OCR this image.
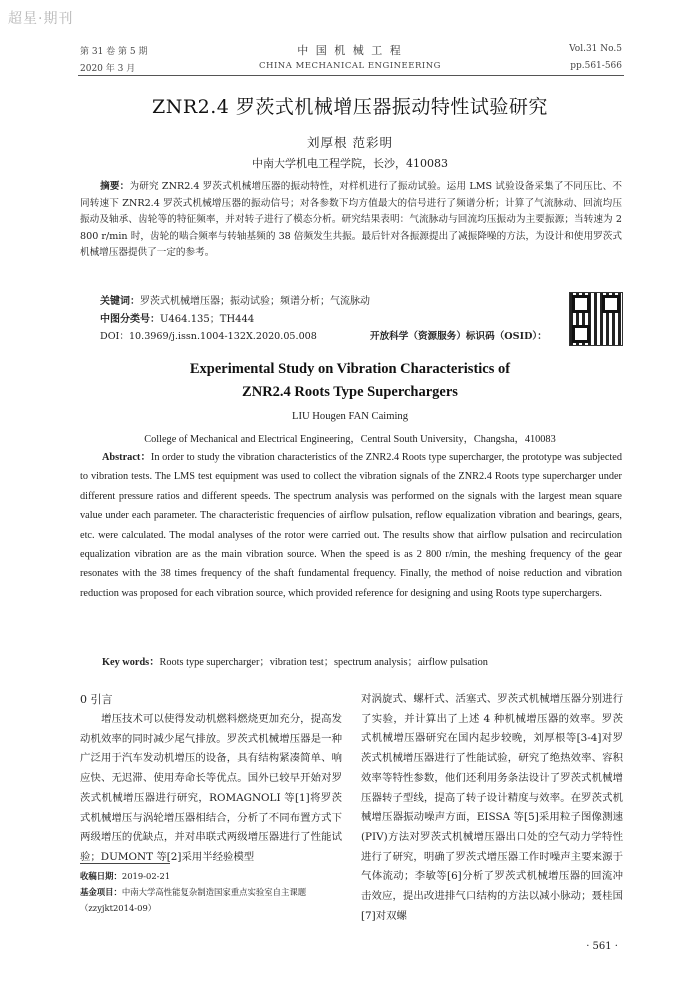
超星·期刊
第 31 卷 第 5 期
2020 年 3 月
中 国 机 械 工 程
CHINA MECHANICAL ENGINEERING
Vol.31 No.5
pp.561-566
ZNR2.4 罗茨式机械增压器振动特性试验研究
刘厚根 范彩明
中南大学机电工程学院，长沙，410083
摘要：为研究 ZNR2.4 罗茨式机械增压器的振动特性，对样机进行了振动试验。运用 LMS 试验设备采集了不同压比、不同转速下 ZNR2.4 罗茨式机械增压器的振动信号；对各参数下均方值最大的信号进行了频谱分析；计算了气流脉动、回流均压振动及轴承、齿轮等的特征频率，并对转子进行了模态分析。研究结果表明：气流脉动与回流均压振动为主要振源；当转速为 2 800 r/min 时，齿轮的啮合频率与转轴基频的 38 倍频发生共振。最后针对各振源提出了减振降噪的方法，为设计和使用罗茨式机械增压器提供了一定的参考。
关键词：罗茨式机械增压器；振动试验；频谱分析；气流脉动
中图分类号：U464.135；TH444
DOI：10.3969/j.issn.1004-132X.2020.05.008	开放科学（资源服务）标识码（OSID）：
Experimental Study on Vibration Characteristics of
ZNR2.4 Roots Type Superchargers
LIU Hougen FAN Caiming
College of Mechanical and Electrical Engineering，Central South University，Changsha，410083
Abstract：In order to study the vibration characteristics of the ZNR2.4 Roots type supercharger, the prototype was subjected to vibration tests. The LMS test equipment was used to collect the vibration signals of the ZNR2.4 Roots type supercharger under different pressure ratios and different speeds. The spectrum analysis was performed on the signals with the largest mean square value under each parameter. The characteristic frequencies of airflow pulsation, reflow equalization vibration and bearings, gears, etc. were calculated. The modal analyses of the rotor were carried out. The results show that airflow pulsation and recirculation equalization vibration are as the main vibration source. When the speed is as 2 800 r/min, the meshing frequency of the gear resonates with the 38 times frequency of the shaft fundamental frequency. Finally, the method of noise reduction and vibration reduction was proposed for each vibration source, which provided reference for designing and using Roots type superchargers.
Key words：Roots type supercharger；vibration test；spectrum analysis；airflow pulsation
0 引言
增压技术可以使得发动机燃料燃烧更加充分，提高发动机效率的同时减少尾气排放。罗茨式机械增压器是一种广泛用于汽车发动机增压的设备，具有结构紧凑简单、响应快、无迟滞、使用寿命长等优点。国外已较早开始对罗茨式机械增压器进行研究，ROMAGNOLI 等[1]将罗茨式机械增压与涡轮增压器相结合，分析了不同布置方式下两级增压的优缺点，并对串联式两级增压器进行了性能试验；DUMONT 等[2]采用半经验模型
收稿日期：2019-02-21
基金项目：中南大学高性能复杂制造国家重点实验室自主课题（zzyjkt2014-09）
对涡旋式、螺杆式、活塞式、罗茨式机械增压器分别进行了实验，并计算出了上述 4 种机械增压器的效率。罗茨式机械增压器研究在国内起步较晚，刘厚根等[3-4]对罗茨式机械增压器进行了性能试验，研究了绝热效率、容积效率等特性参数，他们还利用务条法设计了罗茨式机械增压器转子型线，提高了转子设计精度与效率。在罗茨式机械增压器振动噪声方面，EISSA 等[5]采用粒子图像测速(PIV)方法对罗茨式机械增压器出口处的空气动力学特性进行了研究，明确了罗茨式增压器工作时噪声主要来源于气体流动；李敏等[6]分析了罗茨式机械增压器的回流冲击效应，提出改进排气口结构的方法以减小脉动；聂桂国[7]对双螺
· 561 ·
